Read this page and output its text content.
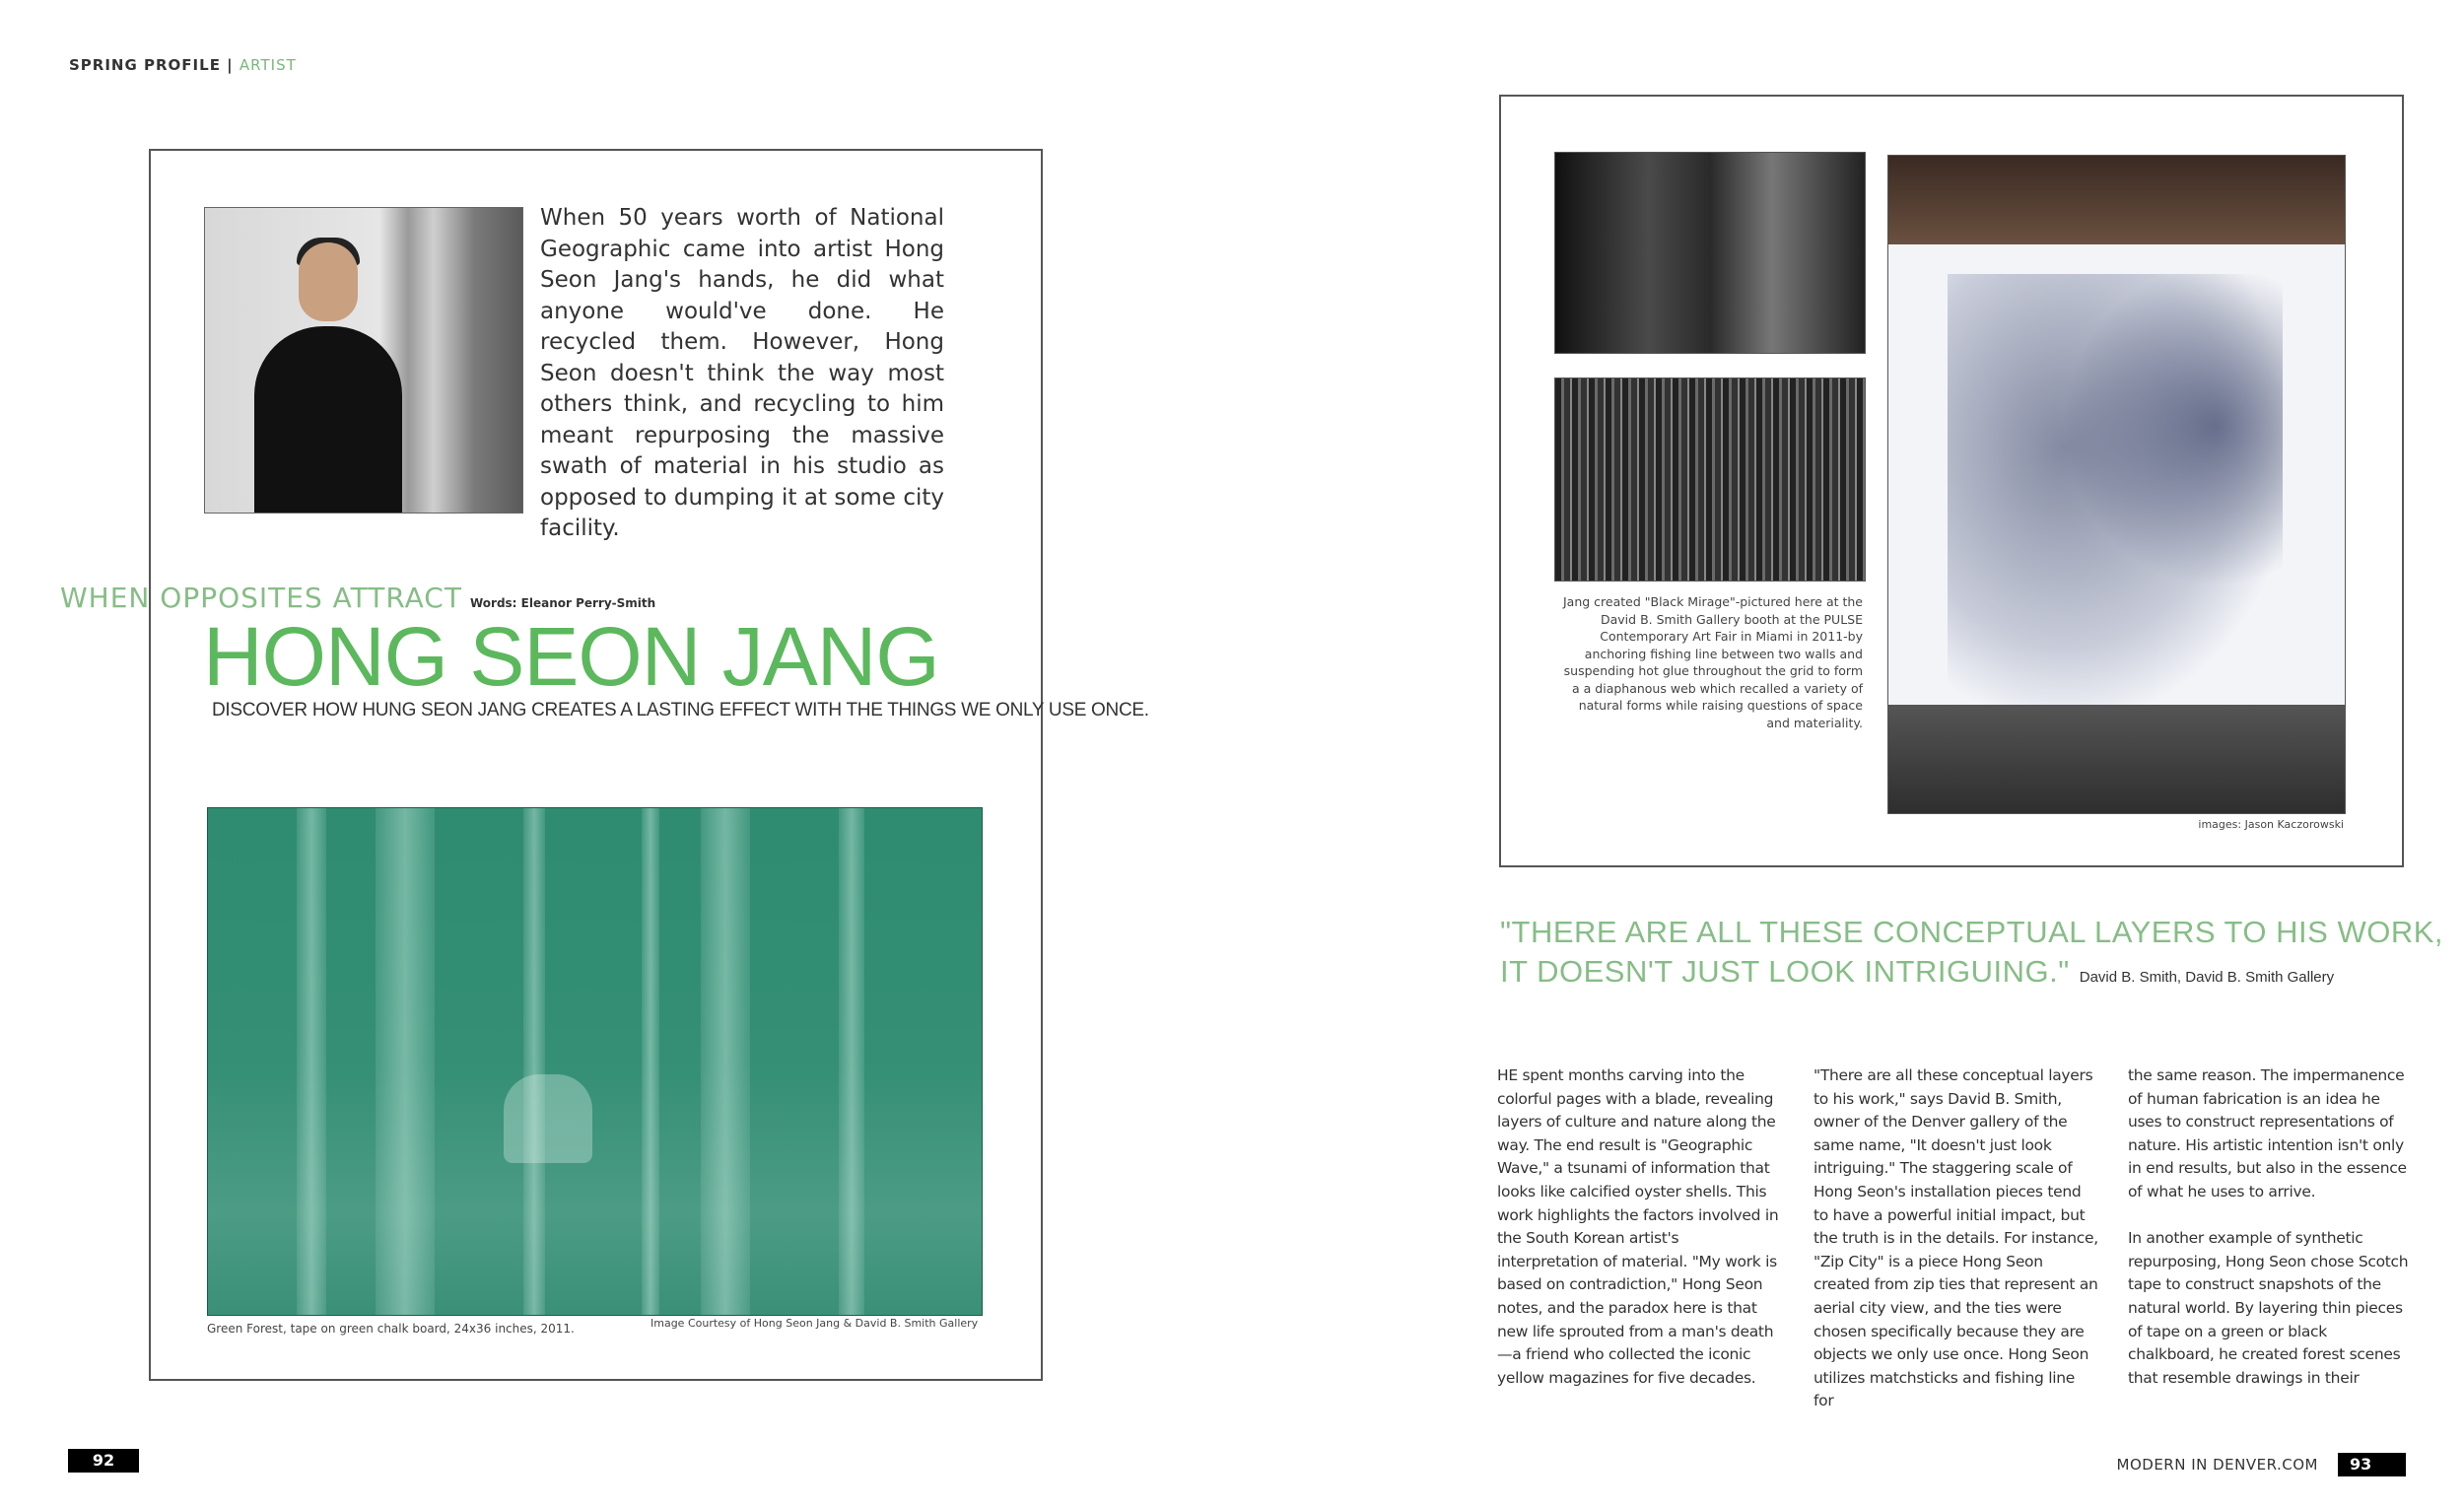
SPRING PROFILE | ARTIST
When 50 years worth of National Geographic came into artist Hong Seon Jang's hands, he did what anyone would've done. He recycled them. However, Hong Seon doesn't think the way most others think, and recycling to him meant repurposing the massive swath of material in his studio as opposed to dumping it at some city facility.
WHEN OPPOSITES ATTRACT Words: Eleanor Perry-Smith
HONG SEON JANG
DISCOVER HOW HUNG SEON JANG CREATES A LASTING EFFECT WITH THE THINGS WE ONLY USE ONCE.
Green Forest, tape on green chalk board, 24x36 inches, 2011.	Image Courtesy of Hong Seon Jang & David B. Smith Gallery
92
Jang created "Black Mirage"-pictured here at the David B. Smith Gallery booth at the PULSE Contemporary Art Fair in Miami in 2011-by anchoring fishing line between two walls and suspending hot glue throughout the grid to form a a diaphanous web which recalled a variety of natural forms while raising questions of space and materiality.
images: Jason Kaczorowski
"THERE ARE ALL THESE CONCEPTUAL LAYERS TO HIS WORK,
IT DOESN'T JUST LOOK INTRIGUING." David B. Smith, David B. Smith Gallery

HE spent months carving into the colorful pages with a blade, revealing layers of culture and nature along the way. The end result is "Geographic Wave," a tsunami of information that looks like calcified oyster shells. This work highlights the factors involved in the South Korean artist's interpretation of material. "My work is based on contradiction," Hong Seon notes, and the paradox here is that new life sprouted from a man's death—a friend who collected the iconic yellow magazines for five decades.

"There are all these conceptual layers to his work," says David B. Smith, owner of the Denver gallery of the same name, "It doesn't just look intriguing." The staggering scale of Hong Seon's installation pieces tend to have a powerful initial impact, but the truth is in the details. For instance, "Zip City" is a piece Hong Seon created from zip ties that represent an aerial city view, and the ties were chosen specifically because they are objects we only use once. Hong Seon utilizes matchsticks and fishing line for

the same reason. The impermanence of human fabrication is an idea he uses to construct representations of nature. His artistic intention isn't only in end results, but also in the essence of what he uses to arrive.

In another example of synthetic repurposing, Hong Seon chose Scotch tape to construct snapshots of the natural world. By layering thin pieces of tape on a green or black chalkboard, he created forest scenes that resemble drawings in their

MODERN IN DENVER.COM	93
